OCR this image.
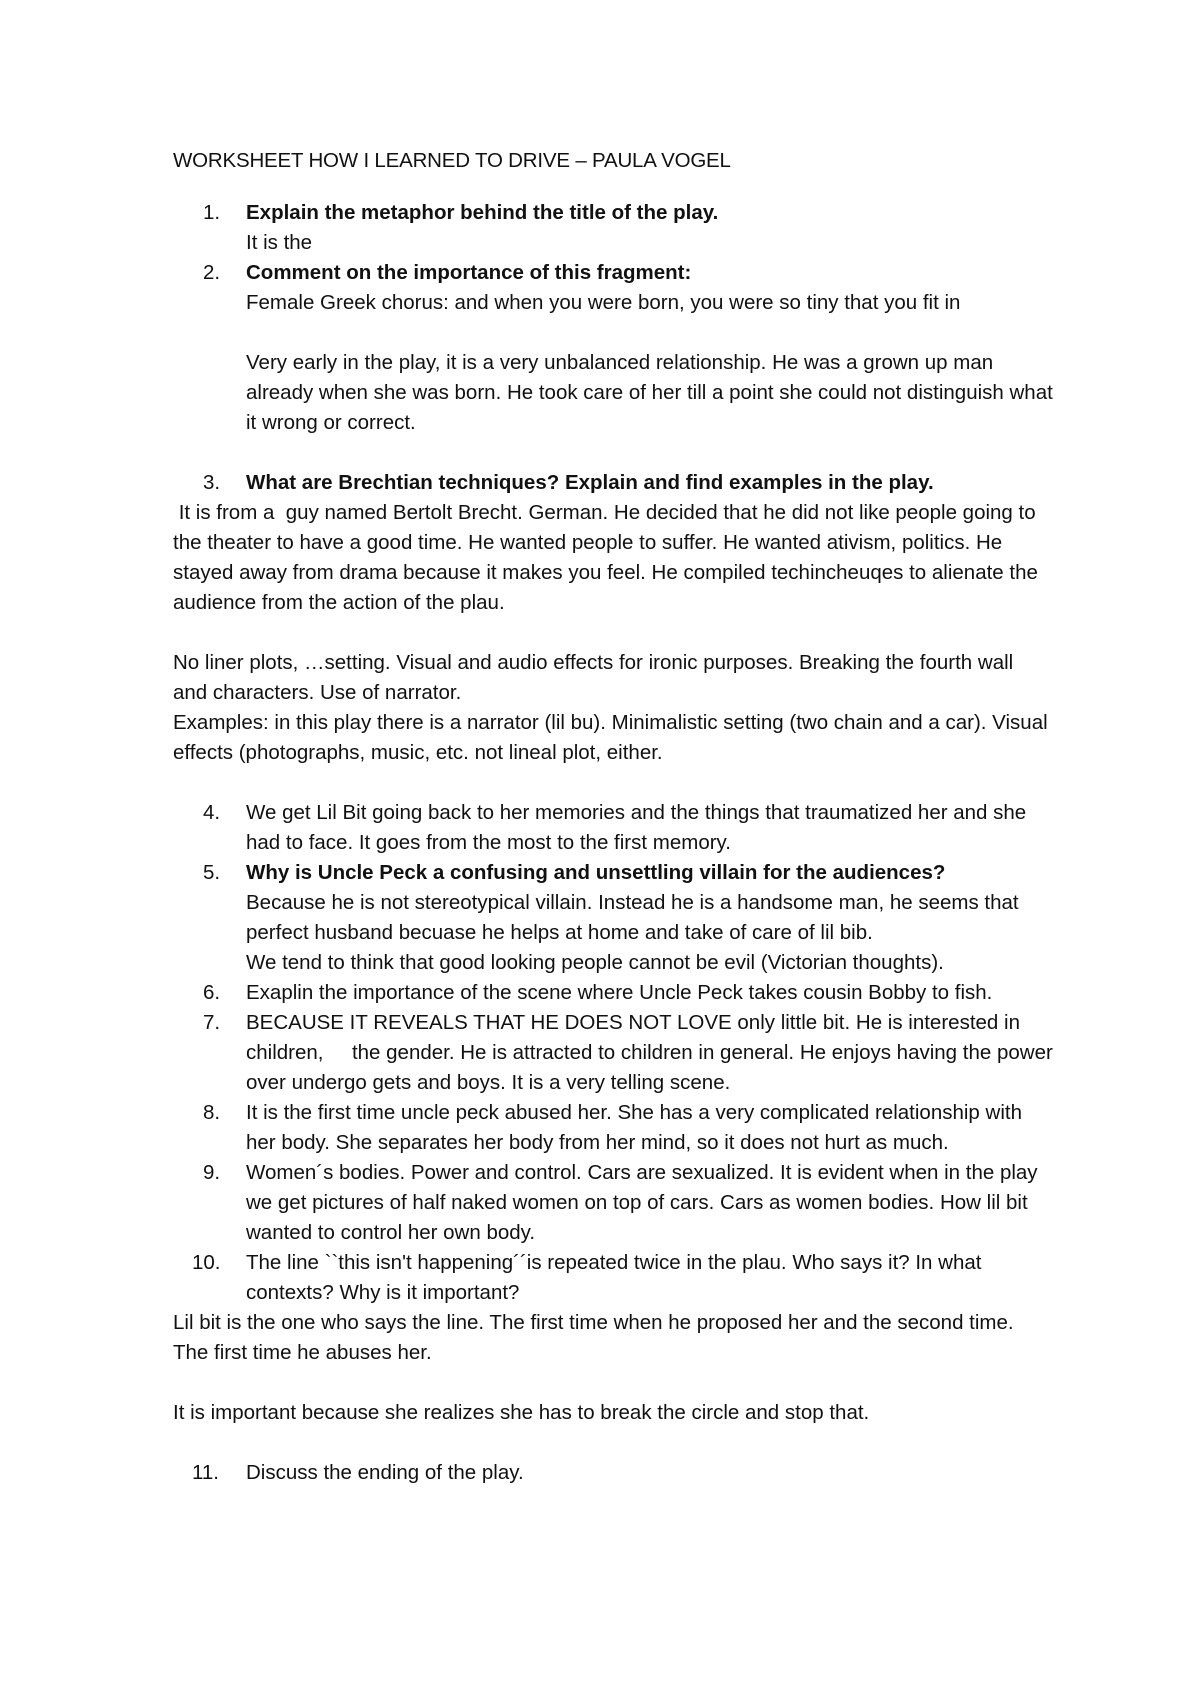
WORKSHEET HOW I LEARNED TO DRIVE – PAULA VOGEL

1. Explain the metaphor behind the title of the play.

It is the

2. Comment on the importance of this fragment:

Female Greek chorus: and when you were born, you were so tiny that you fit in

Very early in the play, it is a very unbalanced relationship. He was a grown up man already when she was born. He took care of her till a point she could not distinguish what it wrong or correct.

3. What are Brechtian techniques? Explain and find examples in the play.

It is from a  guy named Bertolt Brecht. German. He decided that he did not like people going to the theater to have a good time. He wanted people to suffer. He wanted ativism, politics. He stayed away from drama because it makes you feel. He compiled techincheuqes to alienate the audience from the action of the plau.

No liner plots, …setting. Visual and audio effects for ironic purposes. Breaking the fourth wall and characters. Use of narrator.

Examples: in this play there is a narrator (lil bu). Minimalistic setting (two chain and a car). Visual effects (photographs, music, etc. not lineal plot, either.

4. We get Lil Bit going back to her memories and the things that traumatized her and she had to face. It goes from the most to the first memory.

5. Why is Uncle Peck a confusing and unsettling villain for the audiences?

Because he is not stereotypical villain. Instead he is a handsome man, he seems that perfect husband becuase he helps at home and take of care of lil bib.

We tend to think that good looking people cannot be evil (Victorian thoughts).

6. Exaplin the importance of the scene where Uncle Peck takes cousin Bobby to fish.

7. BECAUSE IT REVEALS THAT HE DOES NOT LOVE only little bit. He is interested in children,     the gender. He is attracted to children in general. He enjoys having the power over undergo gets and boys. It is a very telling scene.

8. It is the first time uncle peck abused her. She has a very complicated relationship with her body. She separates her body from her mind, so it does not hurt as much.

9. Women´s bodies. Power and control. Cars are sexualized. It is evident when in the play we get pictures of half naked women on top of cars. Cars as women bodies. How lil bit wanted to control her own body.

10. The line ``this isn't happening´´is repeated twice in the plau. Who says it? In what contexts? Why is it important?

Lil bit is the one who says the line. The first time when he proposed her and the second time. The first time he abuses her.

It is important because she realizes she has to break the circle and stop that.

11. Discuss the ending of the play.
